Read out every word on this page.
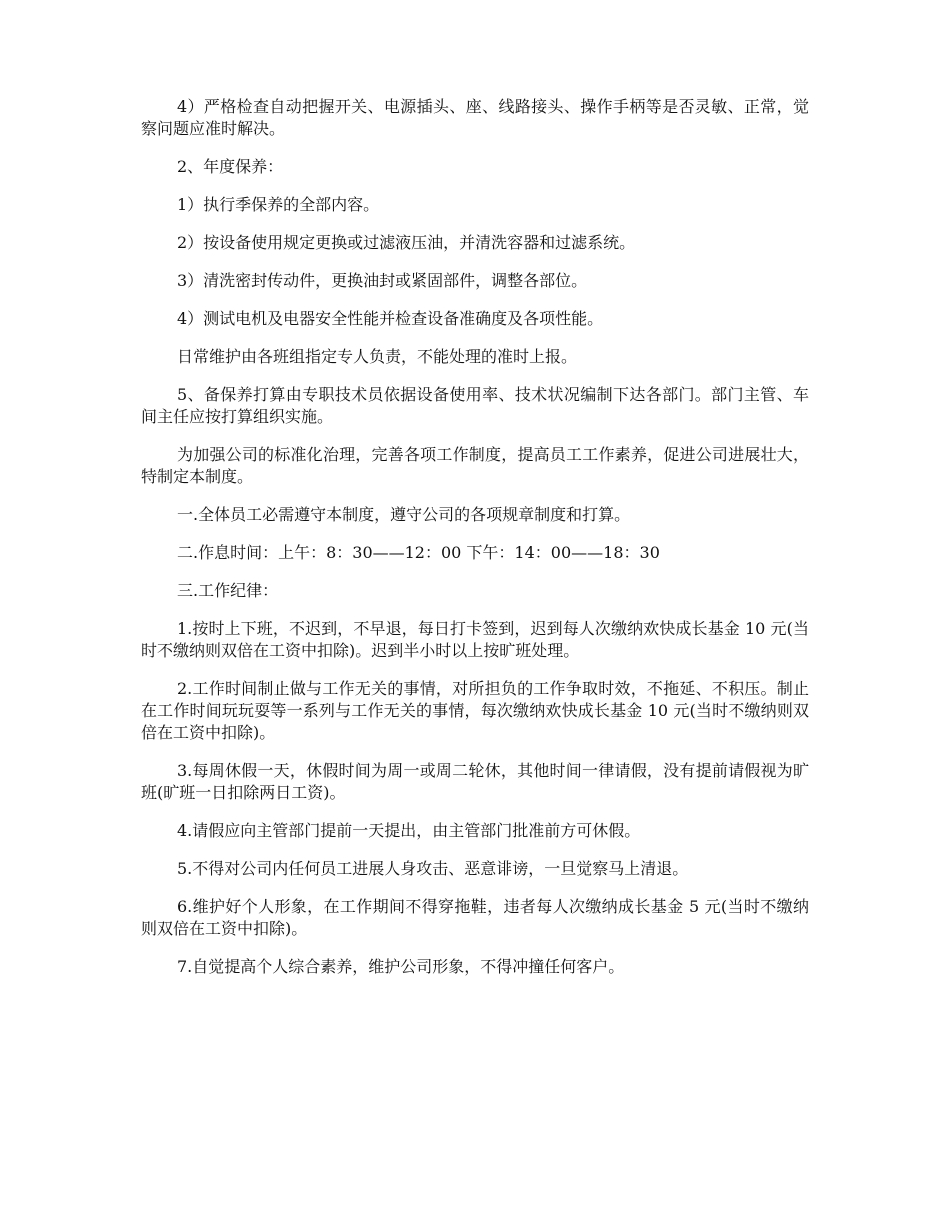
4）严格检查自动把握开关、电源插头、座、线路接头、操作手柄等是否灵敏、正常，觉察问题应准时解决。

2、年度保养：

1）执行季保养的全部内容。

2）按设备使用规定更换或过滤液压油，并清洗容器和过滤系统。

3）清洗密封传动件，更换油封或紧固部件，调整各部位。

4）测试电机及电器安全性能并检查设备准确度及各项性能。

日常维护由各班组指定专人负责，不能处理的准时上报。

5、备保养打算由专职技术员依据设备使用率、技术状况编制下达各部门。部门主管、车间主任应按打算组织实施。

为加强公司的标准化治理，完善各项工作制度，提高员工工作素养，促进公司进展壮大，特制定本制度。

一.全体员工必需遵守本制度，遵守公司的各项规章制度和打算。

二.作息时间：上午：8：30——12：00 下午：14：00——18：30

三.工作纪律：

1.按时上下班，不迟到，不早退，每日打卡签到，迟到每人次缴纳欢快成长基金 10 元(当时不缴纳则双倍在工资中扣除)。迟到半小时以上按旷班处理。

2.工作时间制止做与工作无关的事情，对所担负的工作争取时效，不拖延、不积压。制止在工作时间玩玩耍等一系列与工作无关的事情，每次缴纳欢快成长基金 10 元(当时不缴纳则双倍在工资中扣除)。

3.每周休假一天，休假时间为周一或周二轮休，其他时间一律请假，没有提前请假视为旷班(旷班一日扣除两日工资)。

4.请假应向主管部门提前一天提出，由主管部门批准前方可休假。

5.不得对公司内任何员工进展人身攻击、恶意诽谤，一旦觉察马上清退。

6.维护好个人形象，在工作期间不得穿拖鞋，违者每人次缴纳成长基金 5 元(当时不缴纳则双倍在工资中扣除)。

7.自觉提高个人综合素养，维护公司形象，不得冲撞任何客户。
